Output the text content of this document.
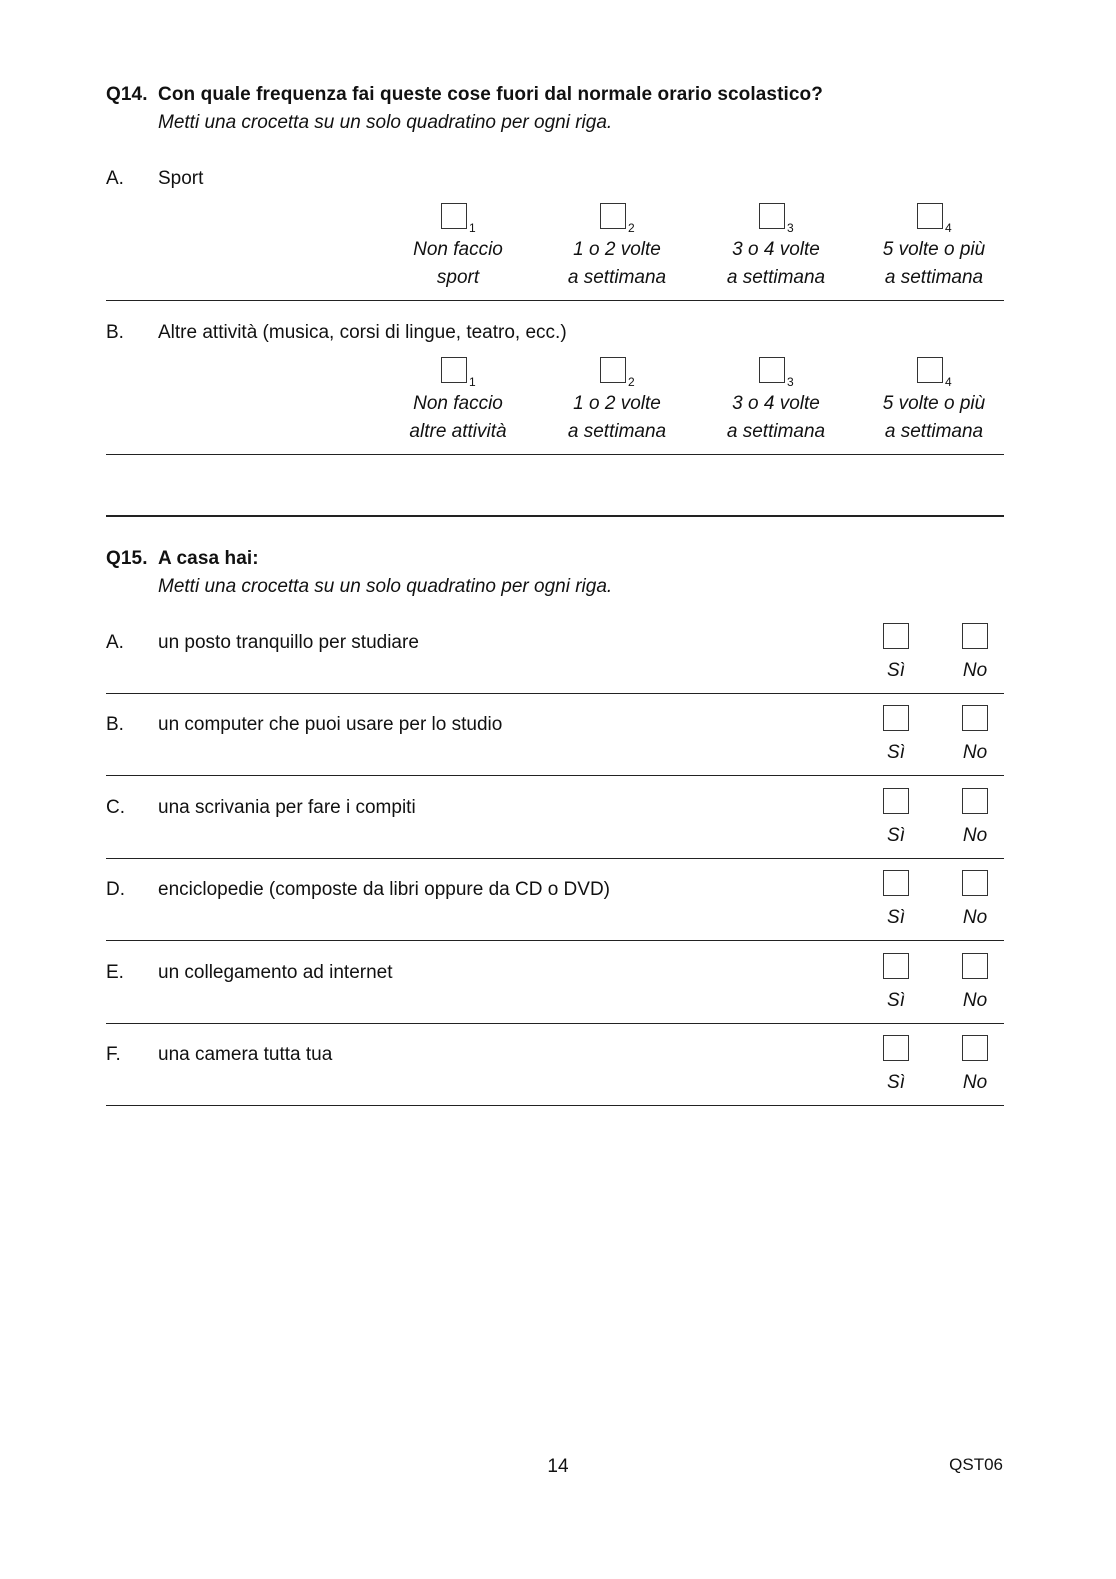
Q14. Con quale frequenza fai queste cose fuori dal normale orario scolastico?
Metti una crocetta su un solo quadratino per ogni riga.
A. Sport
1
Non faccio
sport
2
1 o 2 volte
a settimana
3
3 o 4 volte
a settimana
4
5 volte o più
a settimana
B. Altre attività (musica, corsi di lingue, teatro, ecc.)
1
Non faccio
altre attività
2
1 o 2 volte
a settimana
3
3 o 4 volte
a settimana
4
5 volte o più
a settimana
Q15. A casa hai:
Metti una crocetta su un solo quadratino per ogni riga.
A. un posto tranquillo per studiare
Sì	No
B. un computer che puoi usare per lo studio
Sì	No
C. una scrivania per fare i compiti
Sì	No
D. enciclopedie (composte da libri oppure da CD o DVD)
Sì	No
E. un collegamento ad internet
Sì	No
F. una camera tutta tua
Sì	No
14	QST06
